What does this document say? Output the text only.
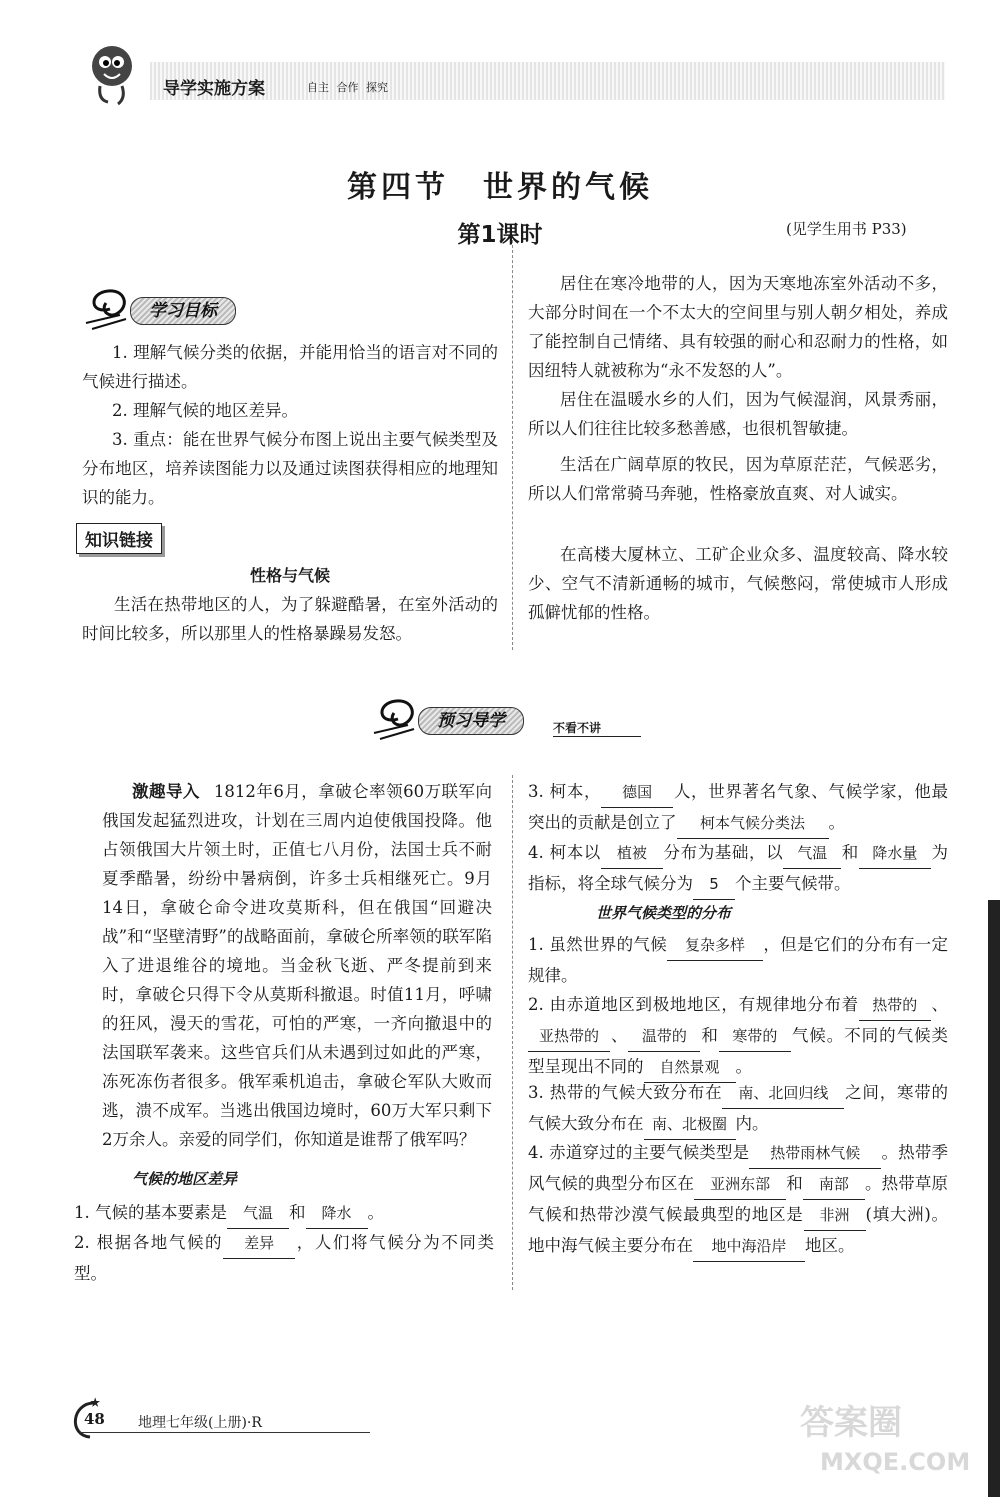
导学实施方案	自主 合作 探究
第四节　世界的气候
第1课时	(见学生用书 P33)
学习目标

1. 理解气候分类的依据，并能用恰当的语言对不同的气候进行描述。

2. 理解气候的地区差异。

3. 重点：能在世界气候分布图上说出主要气候类型及分布地区，培养读图能力以及通过读图获得相应的地理知识的能力。

知识链接
性格与气候

生活在热带地区的人，为了躲避酷暑，在室外活动的时间比较多，所以那里人的性格暴躁易发怒。

居住在寒冷地带的人，因为天寒地冻室外活动不多，大部分时间在一个不太大的空间里与别人朝夕相处，养成了能控制自己情绪、具有较强的耐心和忍耐力的性格，如因纽特人就被称为“永不发怒的人”。

居住在温暖水乡的人们，因为气候湿润，风景秀丽，所以人们往往比较多愁善感，也很机智敏捷。

生活在广阔草原的牧民，因为草原茫茫，气候恶劣，所以人们常常骑马奔驰，性格豪放直爽、对人诚实。

在高楼大厦林立、工矿企业众多、温度较高、降水较少、空气不清新通畅的城市，气候憋闷，常使城市人形成孤僻忧郁的性格。

预习导学	不看不讲

激趣导入 1812年6月，拿破仑率领60万联军向俄国发起猛烈进攻，计划在三周内迫使俄国投降。他占领俄国大片领土时，正值七八月份，法国士兵不耐夏季酷暑，纷纷中暑病倒，许多士兵相继死亡。9月14日，拿破仑命令进攻莫斯科，但在俄国“回避决战”和“坚壁清野”的战略面前，拿破仑所率领的联军陷入了进退维谷的境地。当金秋飞逝、严冬提前到来时，拿破仑只得下令从莫斯科撤退。时值11月，呼啸的狂风，漫天的雪花，可怕的严寒，一齐向撤退中的法国联军袭来。这些官兵们从未遇到过如此的严寒，冻死冻伤者很多。俄军乘机追击，拿破仑军队大败而逃，溃不成军。当逃出俄国边境时，60万大军只剩下2万余人。亲爱的同学们，你知道是谁帮了俄军吗？

气候的地区差异

1. 气候的基本要素是 气温 和 降水 。

2. 根据各地气候的 差异 ，人们将气候分为不同类型。

3. 柯本， 德国 人，世界著名气象、气候学家，他最突出的贡献是创立了 柯本气候分类法 。

4. 柯本以 植被 分布为基础，以 气温 和 降水量 为指标，将全球气候分为 5 个主要气候带。

世界气候类型的分布

1. 虽然世界的气候 复杂多样 ，但是它们的分布有一定规律。

2. 由赤道地区到极地地区，有规律地分布着 热带的 、亚热带的 、 温带的 和 寒带的 气候。不同的气候类型呈现出不同的 自然景观 。

3. 热带的气候大致分布在 南、北回归线 之间，寒带的气候大致分布在 南、北极圈 内。

4. 赤道穿过的主要气候类型是 热带雨林气候 。热带季风气候的典型分布区在 亚洲东部 和 南部 。热带草原气候和热带沙漠气候最典型的地区是 非洲 (填大洲)。地中海气候主要分布在 地中海沿岸 地区。

48 地理七年级(上册)·R	答案圈
MXQE.COM
